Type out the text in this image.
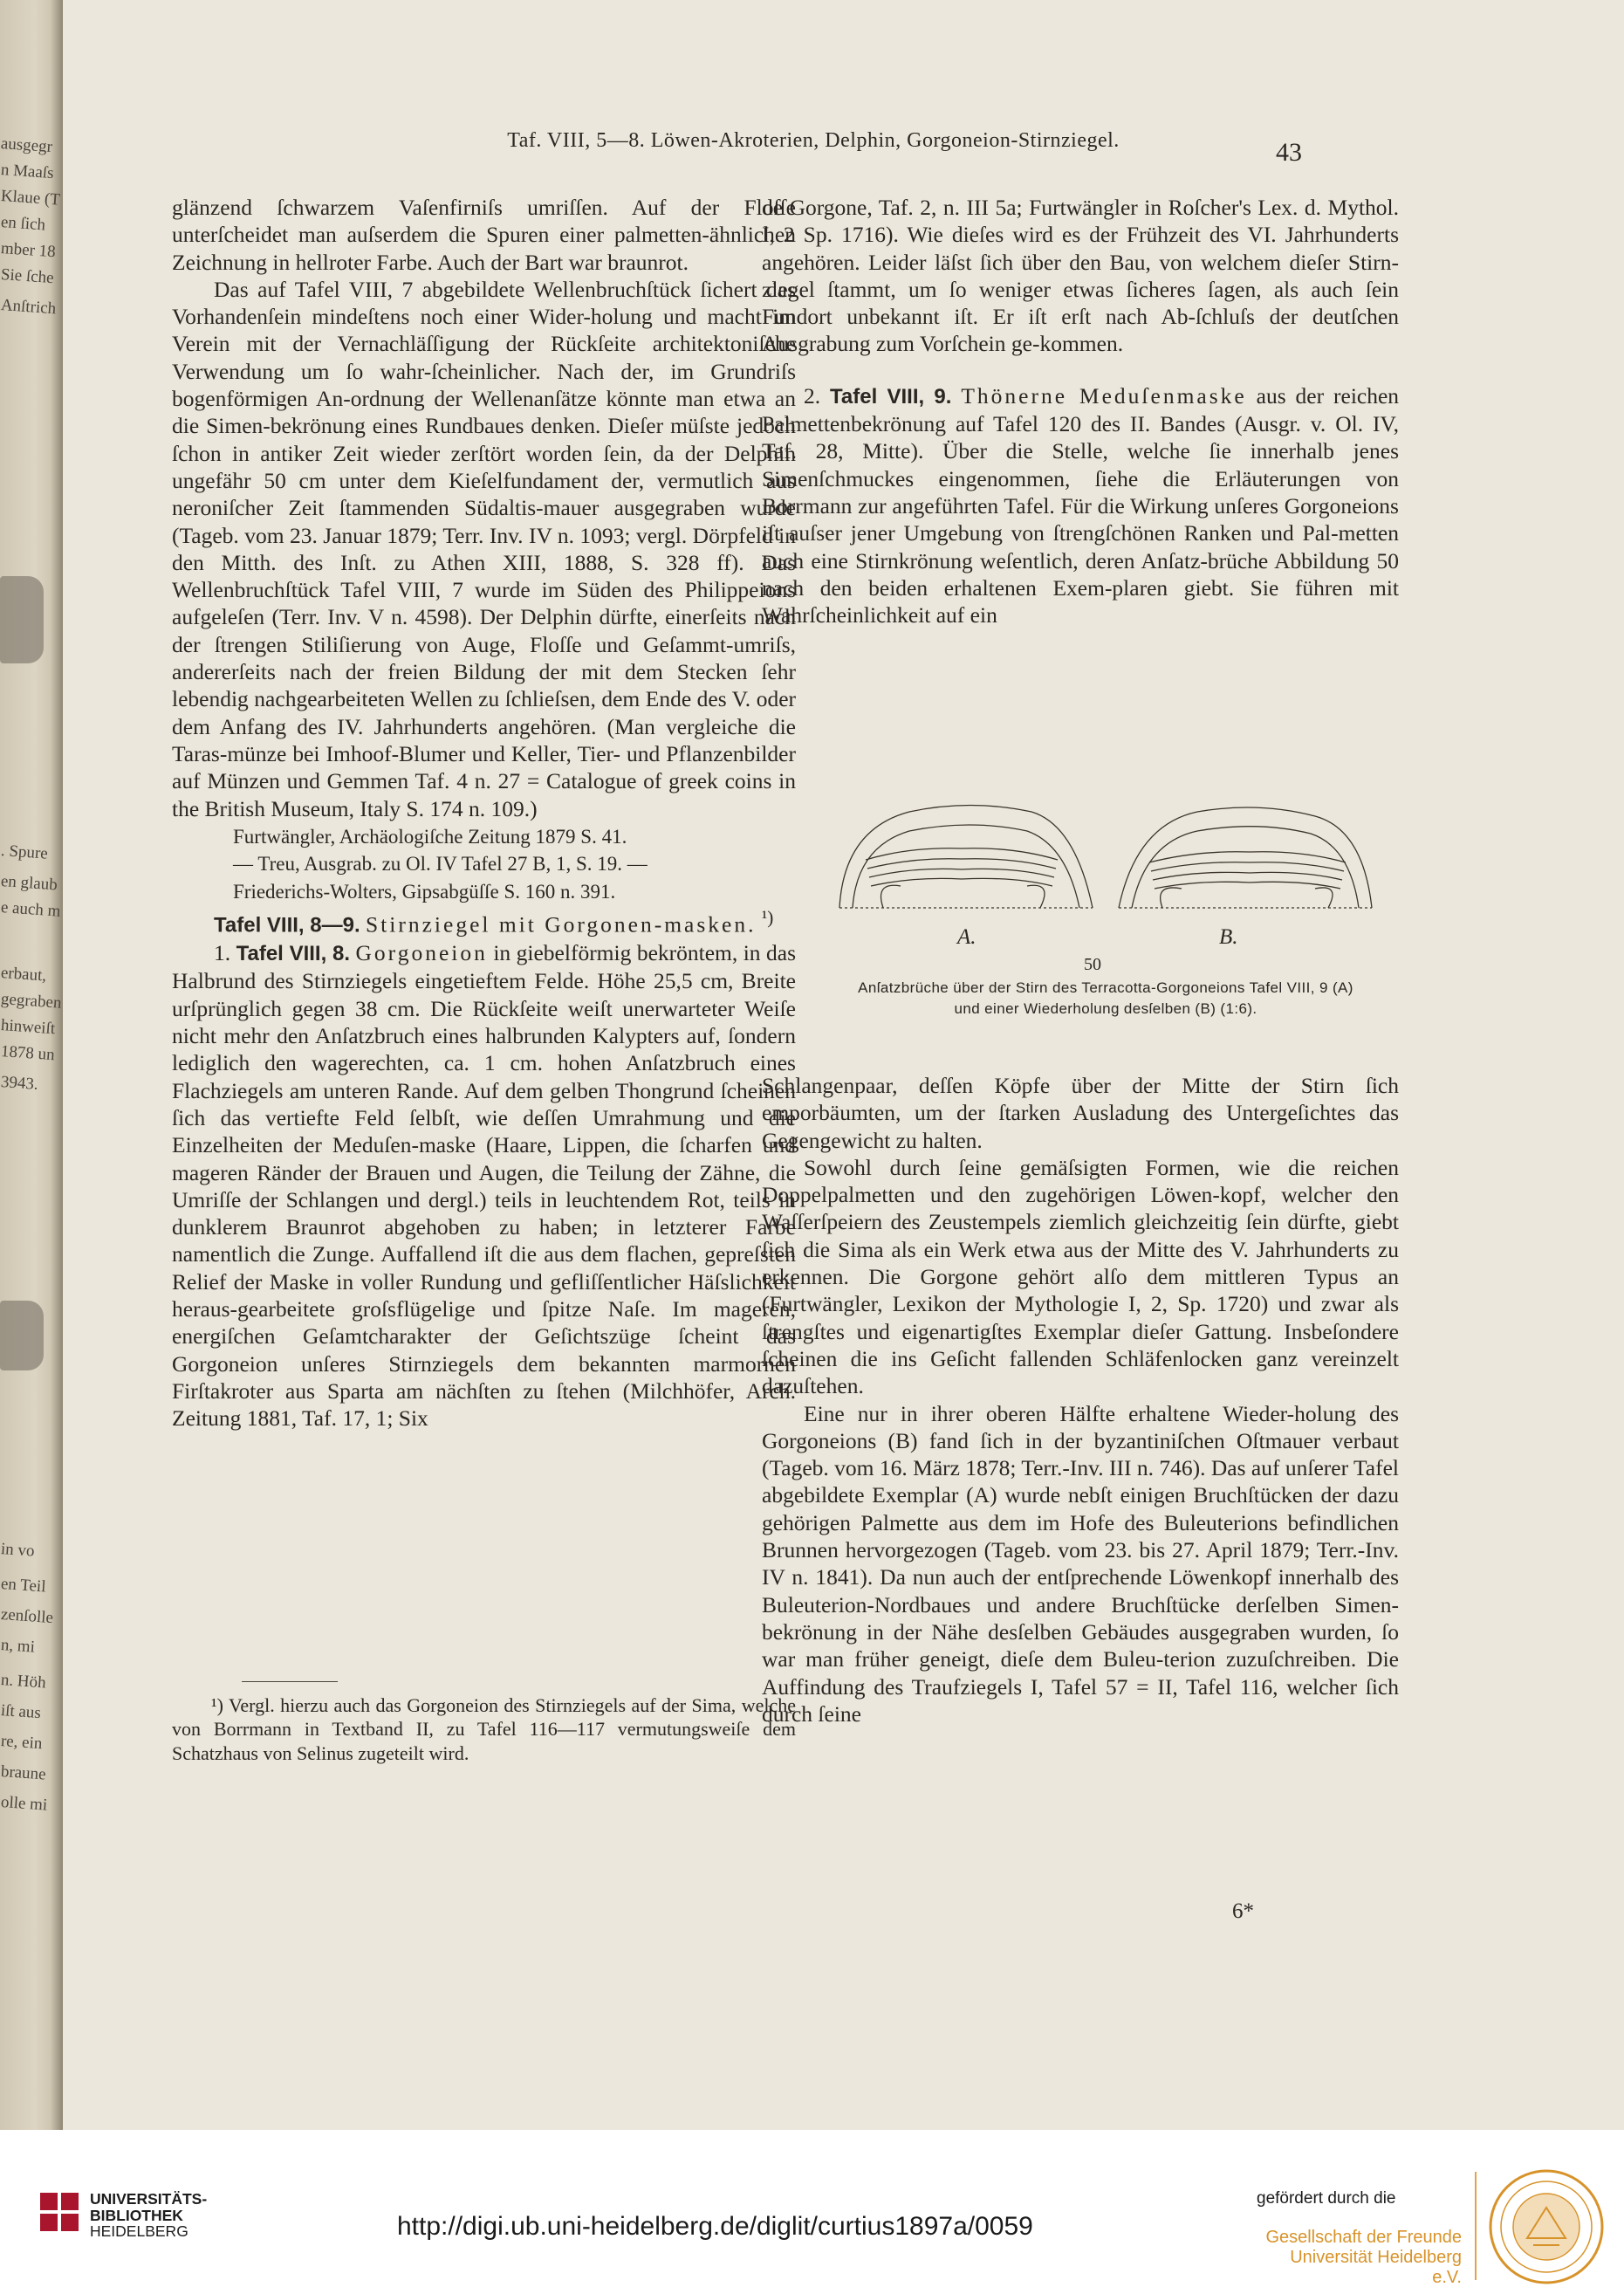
ausgegr
n Maaſs
Klaue (T
en ſich
mber 18
Sie ſche
Anſtrich
. Spure
en glaub
e auch m
erbaut,
gegraben
hinweiſt
1878 un
3943.
in vo
en Teil
zenſolle
n, mi
n. Höh
iſt aus
re, ein
braune
olle mi
Taf. VIII, 5—8. Löwen-Akroterien, Delphin, Gorgoneion-Stirnziegel.	43

glänzend ſchwarzem Vaſenfirniſs umriſſen. Auf der Floſſe unterſcheidet man auſserdem die Spuren einer palmetten-ähnlichen Zeichnung in hellroter Farbe. Auch der Bart war braunrot.

Das auf Tafel VIII, 7 abgebildete Wellenbruchſtück ſichert das Vorhandenſein mindeſtens noch einer Wider-holung und macht im Verein mit der Vernachläſſigung der Rückſeite architektoniſche Verwendung um ſo wahr-ſcheinlicher. Nach der, im Grundriſs bogenförmigen An-ordnung der Wellenanſätze könnte man etwa an die Simen-bekrönung eines Rundbaues denken. Dieſer müſste jedoch ſchon in antiker Zeit wieder zerſtört worden ſein, da der Delphin ungefähr 50 cm unter dem Kieſelfundament der, vermutlich aus neroniſcher Zeit ſtammenden Südaltis-mauer ausgegraben wurde (Tageb. vom 23. Januar 1879; Terr. Inv. IV n. 1093; vergl. Dörpfeld in den Mitth. des Inſt. zu Athen XIII, 1888, S. 328 ff). Das Wellenbruchſtück Tafel VIII, 7 wurde im Süden des Philippeions aufgeleſen (Terr. Inv. V n. 4598). Der Delphin dürfte, einerſeits nach der ſtrengen Stiliſierung von Auge, Floſſe und Geſammt-umriſs, andererſeits nach der freien Bildung der mit dem Stecken ſehr lebendig nachgearbeiteten Wellen zu ſchlieſsen, dem Ende des V. oder dem Anfang des IV. Jahrhunderts angehören. (Man vergleiche die Taras-münze bei Imhoof-Blumer und Keller, Tier- und Pflanzenbilder auf Münzen und Gemmen Taf. 4 n. 27 = Catalogue of greek coins in the British Museum, Italy S. 174 n. 109.)

Furtwängler, Archäologiſche Zeitung 1879 S. 41.
— Treu, Ausgrab. zu Ol. IV Tafel 27 B, 1, S. 19. —
Friederichs-Wolters, Gipsabgüſſe S. 160 n. 391.

Tafel VIII, 8—9. Stirnziegel mit Gorgonen-masken. $^{^1)}$

1. Tafel VIII, 8. Gorgoneion in giebelförmig bekröntem, in das Halbrund des Stirnziegels eingetieftem Felde. Höhe 25,5 cm, Breite urſprünglich gegen 38 cm. Die Rückſeite weiſt unerwarteter Weiſe nicht mehr den Anſatzbruch eines halbrunden Kalypters auf, ſondern lediglich den wagerechten, ca. 1 cm. hohen Anſatzbruch eines Flachziegels am unteren Rande. Auf dem gelben Thongrund ſcheinen ſich das vertiefte Feld ſelbſt, wie deſſen Umrahmung und die Einzelheiten der Meduſen-maske (Haare, Lippen, die ſcharfen und mageren Ränder der Brauen und Augen, die Teilung der Zähne, die Umriſſe der Schlangen und dergl.) teils in leuchtendem Rot, teils in dunklerem Braunrot abgehoben zu haben; in letzterer Farbe namentlich die Zunge. Auffallend iſt die aus dem flachen, gepreſsten Relief der Maske in voller Rundung und gefliſſentlicher Häſslichkeit heraus-gearbeitete groſsflügelige und ſpitze Naſe. Im mageren, energiſchen Geſamtcharakter der Geſichtszüge ſcheint das Gorgoneion unſeres Stirnziegels dem bekannten marmornen Firſtakroter aus Sparta am nächſten zu ſtehen (Milchhöfer, Arch. Zeitung 1881, Taf. 17, 1; Six

¹) Vergl. hierzu auch das Gorgoneion des Stirnziegels auf der Sima, welche von Borrmann in Textband II, zu Tafel 116—117 vermutungsweiſe dem Schatzhaus von Selinus zugeteilt wird.

de Gorgone, Taf. 2, n. III 5a; Furtwängler in Roſcher's Lex. d. Mythol. I, 2 Sp. 1716). Wie dieſes wird es der Frühzeit des VI. Jahrhunderts angehören. Leider läſst ſich über den Bau, von welchem dieſer Stirn-ziegel ſtammt, um ſo weniger etwas ſicheres ſagen, als auch ſein Fundort unbekannt iſt. Er iſt erſt nach Ab-ſchluſs der deutſchen Ausgrabung zum Vorſchein ge-kommen.

2. Tafel VIII, 9. Thönerne Meduſenmaske aus der reichen Palmettenbekrönung auf Tafel 120 des II. Bandes (Ausgr. v. Ol. IV, Taf. 28, Mitte). Über die Stelle, welche ſie innerhalb jenes Simenſchmuckes eingenommen, ſiehe die Erläuterungen von Borrmann zur angeführten Tafel. Für die Wirkung unſeres Gorgoneions iſt auſser jener Umgebung von ſtrengſchönen Ranken und Pal-metten auch eine Stirnkrönung weſentlich, deren Anſatz-brüche Abbildung 50 nach den beiden erhaltenen Exem-plaren giebt. Sie führen mit Wahrſcheinlichkeit auf ein

A.	B.
50
Anſatzbrüche über der Stirn des Terracotta-Gorgoneions Tafel VIII, 9 (A)
und einer Wiederholung desſelben (B) (1:6).

Schlangenpaar, deſſen Köpfe über der Mitte der Stirn ſich emporbäumten, um der ſtarken Ausladung des Untergeſichtes das Gegengewicht zu halten.

Sowohl durch ſeine gemäſsigten Formen, wie die reichen Doppelpalmetten und den zugehörigen Löwen-kopf, welcher den Waſſerſpeiern des Zeustempels ziemlich gleichzeitig ſein dürfte, giebt ſich die Sima als ein Werk etwa aus der Mitte des V. Jahrhunderts zu erkennen. Die Gorgone gehört alſo dem mittleren Typus an (Furtwängler, Lexikon der Mythologie I, 2, Sp. 1720) und zwar als ſtrengſtes und eigenartigſtes Exemplar dieſer Gattung. Insbeſondere ſcheinen die ins Geſicht fallenden Schläfenlocken ganz vereinzelt dazuſtehen.

Eine nur in ihrer oberen Hälfte erhaltene Wieder-holung des Gorgoneions (B) fand ſich in der byzantiniſchen Oſtmauer verbaut (Tageb. vom 16. März 1878; Terr.-Inv. III n. 746). Das auf unſerer Tafel abgebildete Exemplar (A) wurde nebſt einigen Bruchſtücken der dazu gehörigen Palmette aus dem im Hofe des Buleuterions befindlichen Brunnen hervorgezogen (Tageb. vom 23. bis 27. April 1879; Terr.-Inv. IV n. 1841). Da nun auch der entſprechende Löwenkopf innerhalb des Buleuterion-Nordbaues und andere Bruchſtücke derſelben Simen-bekrönung in der Nähe desſelben Gebäudes ausgegraben wurden, ſo war man früher geneigt, dieſe dem Buleu-terion zuzuſchreiben. Die Auffindung des Traufziegels I, Tafel 57 = II, Tafel 116, welcher ſich durch ſeine

6*
UNIVERSITÄTS-
BIBLIOTHEK
HEIDELBERG	http://digi.ub.uni-heidelberg.de/diglit/curtius1897a/0059
gefördert durch die
Gesellschaft der Freunde
Universität Heidelberg e.V.
